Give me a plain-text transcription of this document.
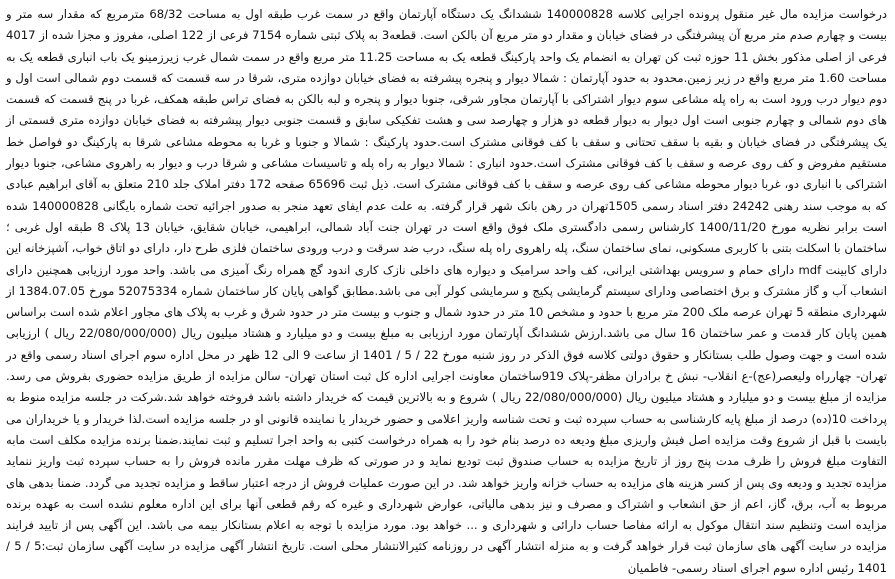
درخواست مزایده مال غیر منقول پرونده اجرایی کلاسه 140000828 ششدانگ یک دستگاه آپارتمان واقع در سمت غرب طبقه اول به مساحت 68/32 مترمربع که مقدار سه متر و بیست و چهارم صدم متر مربع آن پیشرفتگی در فضای خیابان و مقدار دو متر مربع آن بالکن است. قطعه3 به پلاک ثبتی شماره 7154 فرعی از 122 اصلی، مفروز و مجزا شده از 4017 فرعی از اصلی مذکور بخش 11 حوزه ثبت کن تهران به انضمام یک واحد پارکینگ قطعه یک به مساحت 11.25 متر مربع واقع در سمت شمال غرب زیرزمینو یک باب انباری قطعه یک به مساحت 1.60 متر مربع واقع در زیر زمین.محدود به حدود آپارتمان : شمالا دیوار و پنجره پیشرفته به فضای خیابان دوازده متری، شرقا در سه قسمت که قسمت دوم شمالی است اول و دوم دیوار درب ورود است به راه پله مشاعی سوم دیوار اشتراکی با آپارتمان مجاور شرقی، جنوبا دیوار و پنجره و لبه بالکن به فضای تراس طبقه همکف، غربا در پنج قسمت که قسمت های دوم شمالی و چهارم جنوبی است اول دیوار به دیوار قطعه دو هزار و چهارصد سی و هشت تفکیکی سابق و قسمت جنوبی دیوار پیشرفته به فضای خیابان دوازده متری قسمتی از یک پیشرفتگی در فضای خیابان و بقیه با سقف تحتانی و سقف با کف فوقانی مشترک است.حدود پارکینگ : شمالا و جنوبا و غربا به محوطه مشاعی شرقا به پارکینگ دو فواصل خط مستقیم مفروض و کف روی عرصه و سقف با کف فوقانی مشترک است.حدود انباری : شمالا دیوار به راه پله و تاسیسات مشاعی و شرقا درب و دیوار به راهروی مشاعی، جنوبا دیوار اشتراکی با انباری دو، غربا دیوار محوطه مشاعی کف روی عرصه و سقف با کف فوقانی مشترک است. ذیل ثبت 65696 صفحه 172 دفتر املاک جلد 210 متعلق به آقای ابراهیم عبادی که به موجب سند رهنی 24242 دفتر اسناد رسمی 1505تهران در رهن بانک شهر قرار گرفته. به علت عدم ایفای تعهد منجر به صدور اجرائیه تحت شماره بایگانی 140000828 شده است برابر نظریه مورخ 1400/11/20 کارشناس رسمی دادگستری ملک فوق واقع است در تهران جنت آباد شمالی، ابراهیمی، خیابان شقایق، خیابان 13 پلاک 8 طبقه اول غربی ؛ ساختمان با اسکلت بتنی با کاربری مسکونی، نمای ساختمان سنگ، پله راهروی راه پله سنگ، درب ضد سرقت و درب ورودی ساختمان فلزی طرح دار، دارای دو اتاق خواب، آشپزخانه این دارای کابینت mdf دارای حمام و سرویس بهداشتی ایرانی، کف واحد سرامیک و دیواره های داخلی نازک کاری اندود گچ همراه رنگ آمیزی می باشد. واحد مورد ارزیابی همچنین دارای انشعاب آب و گاز مشترک و برق اختصاصی ودارای سیستم گرمایشی پکیج و سرمایشی کولر آبی می باشد.مطابق گواهی پایان کار ساختمان شماره 52075334 مورخ 1384.07.05 از شهرداری منطقه 5 تهران عرصه ملک 200 متر مربع با حدود و مشخص 10 متر در حدود شمال و جنوب و بیست متر در حدود شرق و غرب به پلاک های مجاور اعلام شده است براساس همین پایان کار قدمت و عمر ساختمان 16 سال می باشد.ارزش ششدانگ آپارتمان مورد ارزیابی به مبلغ بیست و دو میلیارد و هشتاد میلیون ریال (22/080/000/000 ریال ) ارزیابی شده است و جهت وصول طلب بستانکار و حقوق دولتی کلاسه فوق الذکر در روز شنبه مورخ 22 / 5 / 1401 از ساعت 9 الی 12 ظهر در محل اداره سوم اجرای اسناد رسمی واقع در تهران- چهارراه ولیعصر(عج)-ع انقلاب- نبش خ برادران مظفر-پلاک 919ساختمان معاونت اجرایی اداره کل ثبت استان تهران- سالن مزایده از طریق مزایده حضوری بفروش می رسد. مزایده از مبلغ بیست و دو میلیارد و هشتاد میلیون ریال (22/080/000/000 ریال ) شروع و به بالاترین قیمت که خریدار داشته باشد فروخته خواهد شد.شرکت در جلسه مزایده منوط به پرداخت 10(ده) درصد از مبلغ پایه کارشناسی به حساب سپرده ثبت و تحت شناسه واریز اعلامی و حضور خریدار یا نماینده قانونی او در جلسه مزایده است.لذا خریدار و یا خریداران می بایست با قبل از شروع وقت مزایده اصل فیش واریزی مبلغ ودیعه ده درصد بنام خود را به همراه درخواست کتبی به واحد اجرا تسلیم و ثبت نمایند.ضمنا برنده مزایده مکلف است مابه التفاوت مبلغ فروش را ظرف مدت پنج روز از تاریخ مزایده به حساب صندوق ثبت تودیع نماید و در صورتی که ظرف مهلت مقرر مانده فروش را به حساب سپرده ثبت واریز ننماید مزایده تجدید و ودیعه وی پس از کسر هزینه های مزایده به حساب خزانه واریز خواهد شد. در این صورت عملیات فروش از درجه اعتبار ساقط و مزایده تجدید می گردد. ضمنا بدهی های مربوط به آب، برق، گاز، اعم از حق انشعاب و اشتراک و مصرف و نیز بدهی مالیاتی، عوارض شهرداری و غیره که رقم قطعی آنها برای این اداره معلوم نشده است به عهده برنده مزایده است وتنظیم سند انتقال موکول به ارائه مفاصا حساب دارائی و شهرداری و ... خواهد بود. مورد مزایده با توجه به اعلام بستانکار بیمه می باشد. این آگهی پس از تایید فرایند مزایده در سایت آگهی های سازمان ثبت قرار خواهد گرفت و به منزله انتشار آگهی در روزنامه کثیرالانتشار محلی است. تاریخ انتشار آگهی مزایده در سایت آگهی سازمان ثبت:5 / 5 / 1401 رئیس اداره سوم اجرای اسناد رسمی- فاطمیان
